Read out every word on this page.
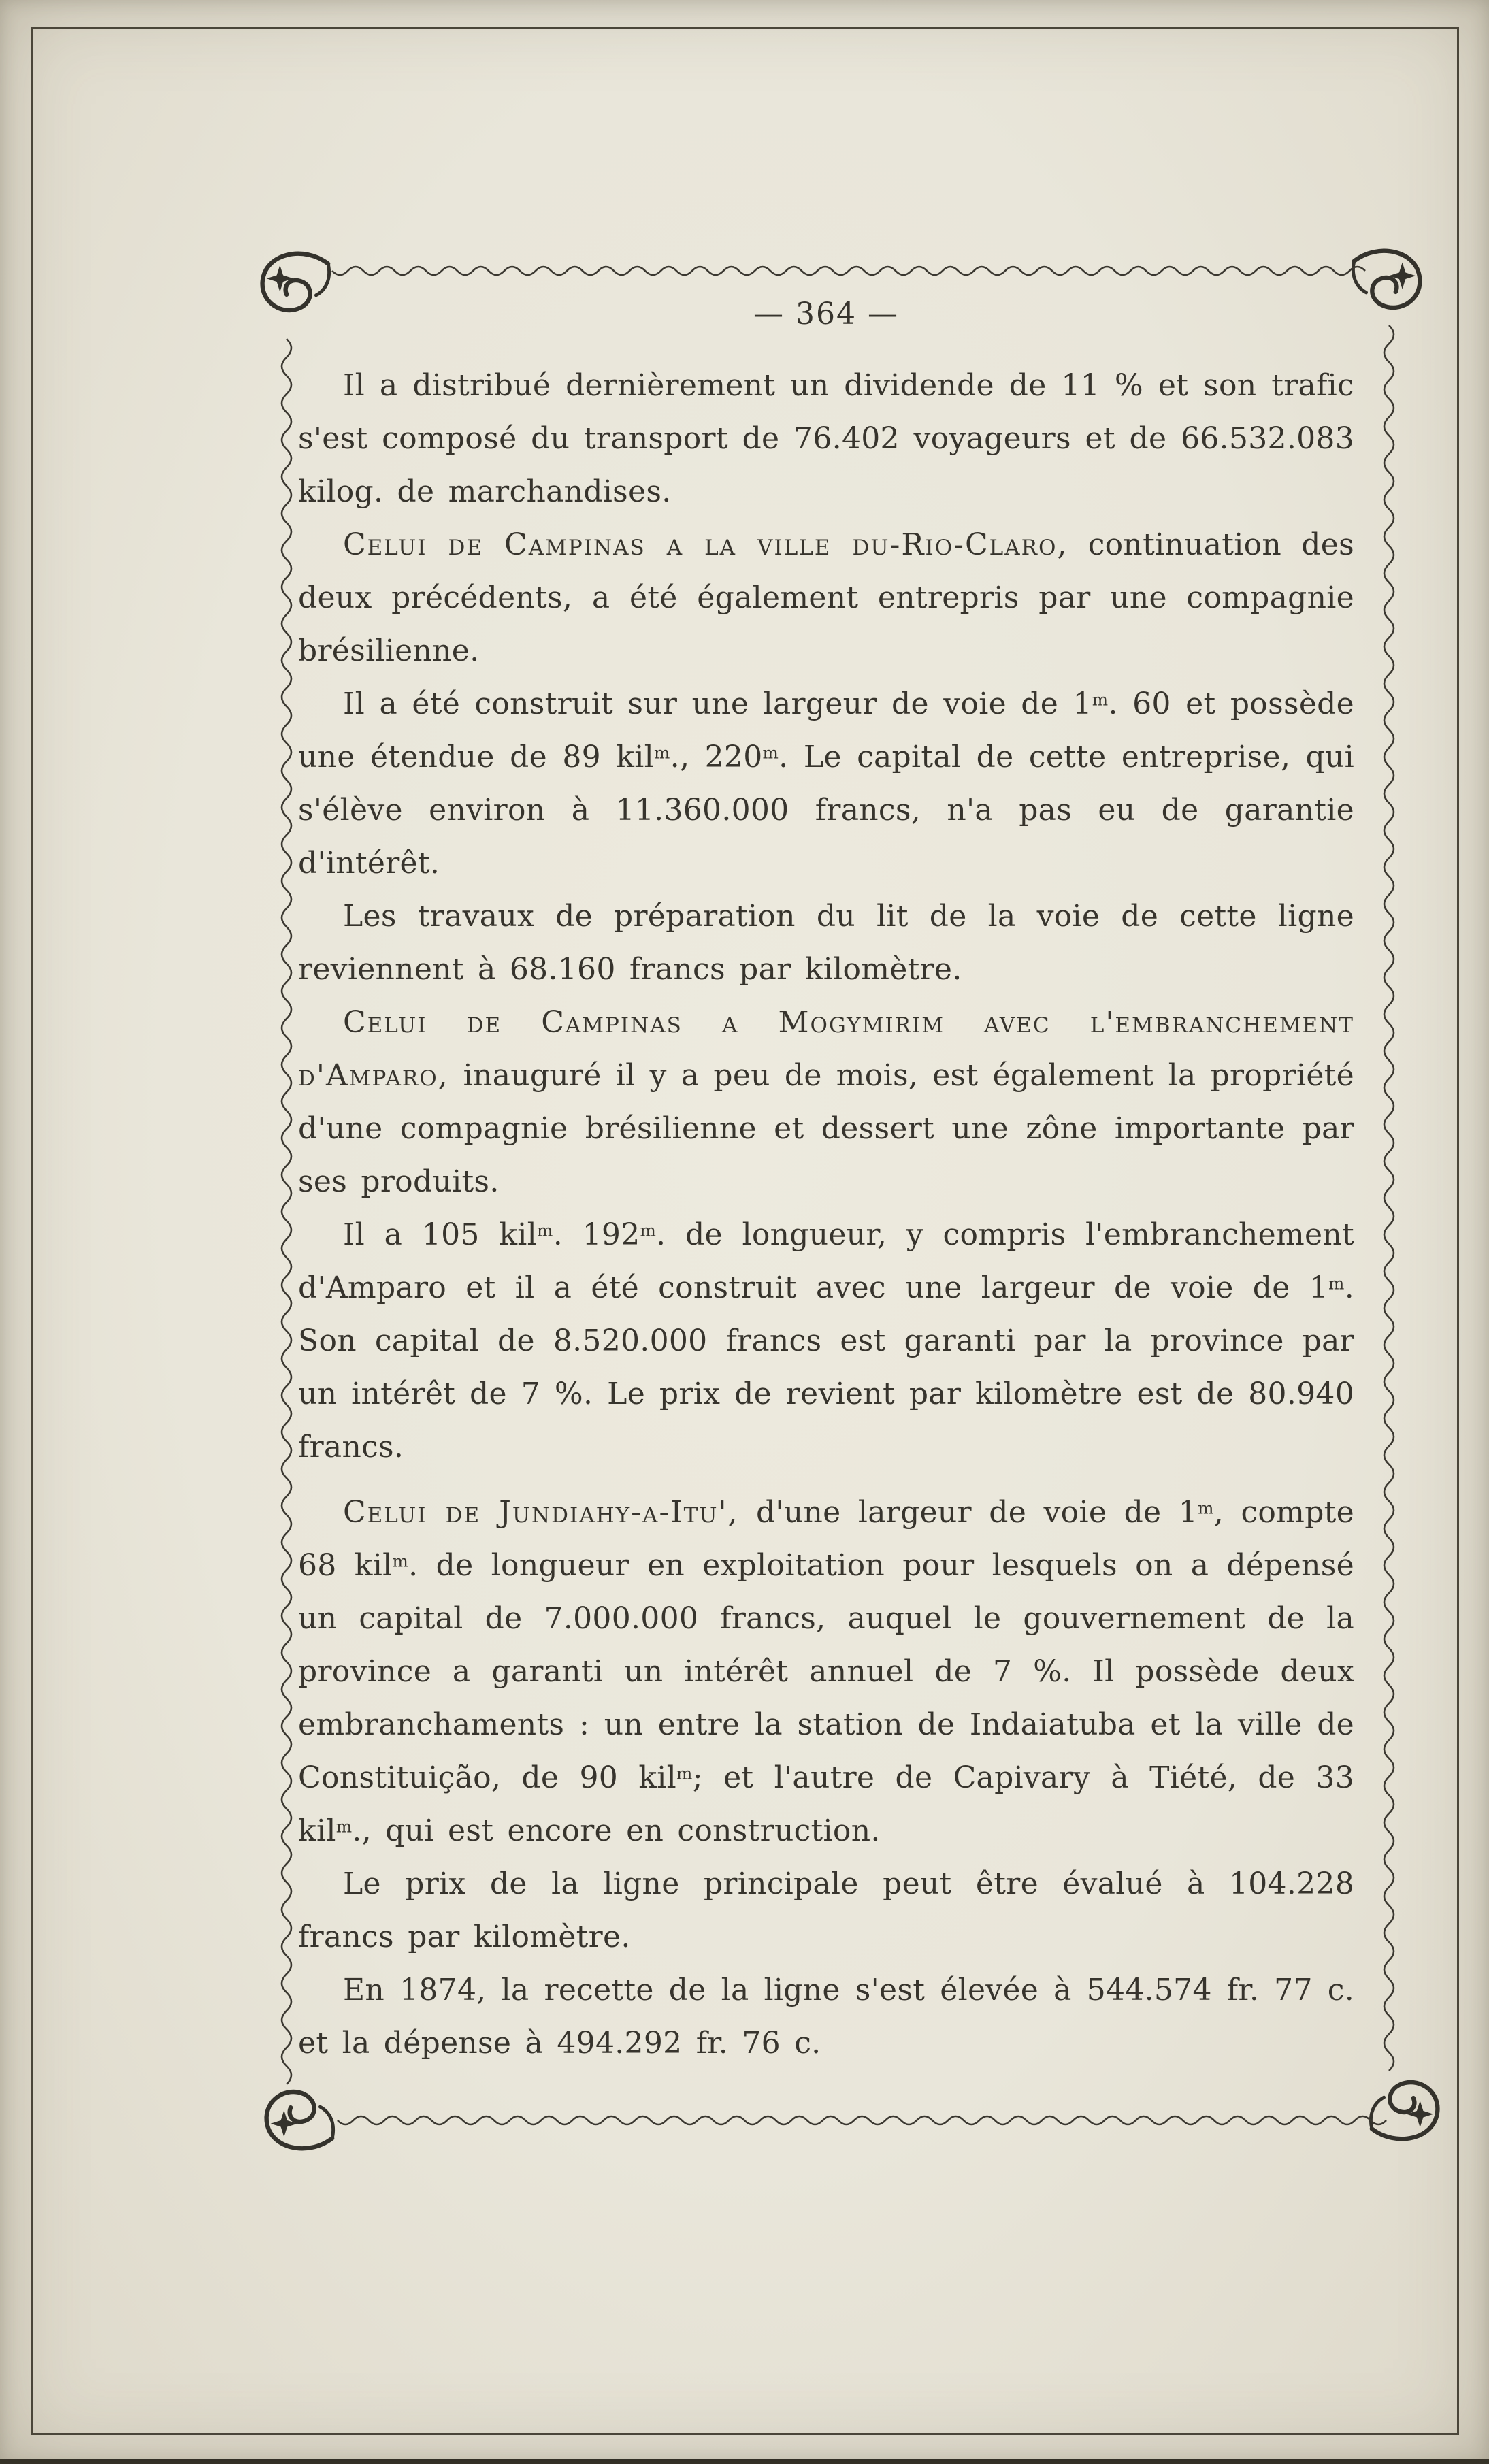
— 364 —

Il a distribué dernièrement un dividende de 11 % et son trafic s'est composé du transport de 76.402 voyageurs et de 66.532.083 kilog. de marchandises.

Celui de Campinas a la ville du-Rio-Claro, continuation des deux précédents, a été également entrepris par une compagnie brésilienne.

Il a été construit sur une largeur de voie de 1$^m$. 60 et possède une étendue de 89 kil$^m$., 220$^m$. Le capital de cette entreprise, qui s'élève environ à 11.360.000 francs, n'a pas eu de garantie d'intérêt.

Les travaux de préparation du lit de la voie de cette ligne reviennent à 68.160 francs par kilomètre.

Celui de Campinas a Mogymirim avec l'embranchement d'Amparo, inauguré il y a peu de mois, est également la propriété d'une compagnie brésilienne et dessert une zône importante par ses produits.

Il a 105 kil$^m$. 192$^m$. de longueur, y compris l'embranchement d'Amparo et il a été construit avec une largeur de voie de 1$^m$. Son capital de 8.520.000 francs est garanti par la province par un intérêt de 7 %. Le prix de revient par kilomètre est de 80.940 francs.

Celui de Jundiahy-a-Itu', d'une largeur de voie de 1$^m$, compte 68 kil$^m$. de longueur en exploitation pour lesquels on a dépensé un capital de 7.000.000 francs, auquel le gouvernement de la province a garanti un intérêt annuel de 7 %. Il possède deux embranchaments : un entre la station de Indaiatuba et la ville de Constituição, de 90 kil$^m$; et l'autre de Capivary à Tiété, de 33 kil$^m$., qui est encore en construction.

Le prix de la ligne principale peut être évalué à 104.228 francs par kilomètre.

En 1874, la recette de la ligne s'est élevée à 544.574 fr. 77 c. et la dépense à 494.292 fr. 76 c.
